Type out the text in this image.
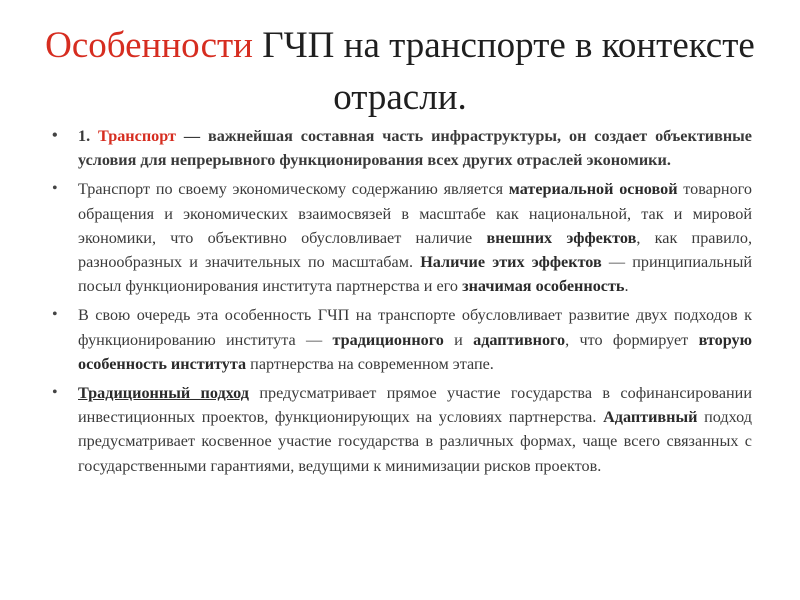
Особенности ГЧП на транспорте в контексте отрасли.
• 1. Транспорт — важнейшая составная часть инфраструктуры, он создает объективные условия для непрерывного функционирования всех других отраслей экономики.
• Транспорт по своему экономическому содержанию является материальной основой товарного обращения и экономических взаимосвязей в масштабе как национальной, так и мировой экономики, что объективно обусловливает наличие внешних эффектов, как правило, разнообразных и значительных по масштабам. Наличие этих эффектов — принципиальный посыл функционирования института партнерства и его значимая особенность.
• В свою очередь эта особенность ГЧП на транспорте обусловливает развитие двух подходов к функционированию института — традиционного и адаптивного, что формирует вторую особенность института партнерства на современном этапе.
• Традиционный подход предусматривает прямое участие государства в софинансировании инвестиционных проектов, функционирующих на условиях партнерства. Адаптивный подход предусматривает косвенное участие государства в различных формах, чаще всего связанных с государственными гарантиями, ведущими к минимизации рисков проектов.
